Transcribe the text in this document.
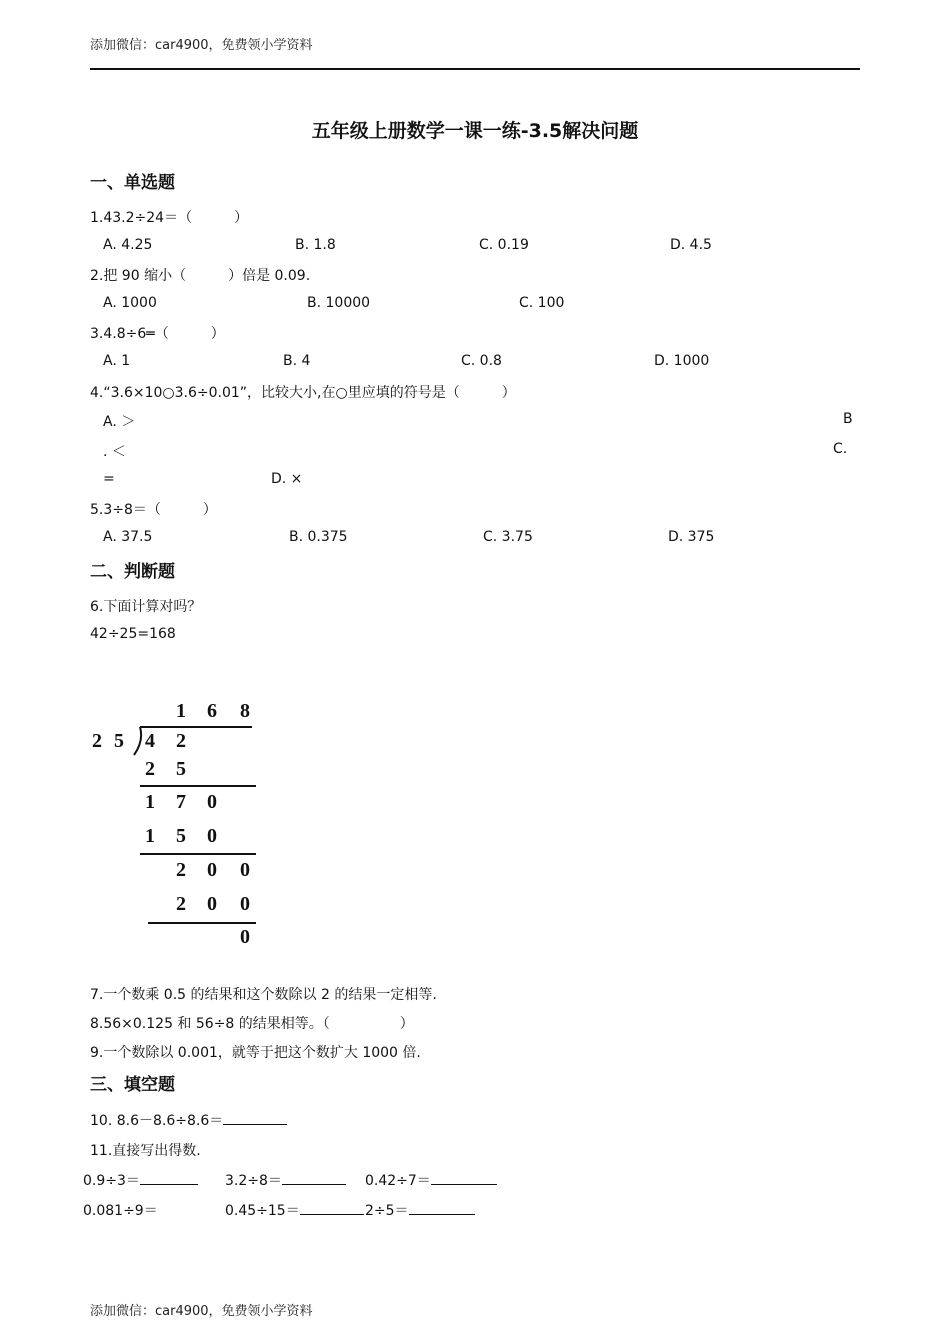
添加微信：car4900，免费领小学资料
五年级上册数学一课一练-3.5解决问题
一、单选题
1.43.2÷24＝（　　　）
A. 4.25	B. 1.8	C. 0.19	D. 4.5
2.把 90 缩小（　　　）倍是 0.09.
A. 1000	B. 10000	C. 100
3.4.8÷6═（　　　）
A. 1	B. 4	C. 0.8	D. 1000
4.“3.6×10○3.6÷0.01”，比较大小,在○里应填的符号是（　　　）
A. ＞	B
. ＜	C.
=	D. ×
5.3÷8＝（　　　）
A. 37.5	B. 0.375	C. 3.75	D. 375
二、判断题
6.下面计算对吗？
42÷25=168
1 6 8
2 5 4 2
2 5
1 7 0
1 5 0
2 0 0
2 0 0
0
7.一个数乘 0.5 的结果和这个数除以 2 的结果一定相等.
8.56×0.125 和 56÷8 的结果相等。（　　　　　）
9.一个数除以 0.001，就等于把这个数扩大 1000 倍.
三、填空题
10. 8.6－8.6÷8.6＝
11.直接写出得数.
0.9÷3＝	3.2÷8＝	0.42÷7＝
0.081÷9＝	0.45÷15＝	2÷5＝
添加微信：car4900，免费领小学资料
